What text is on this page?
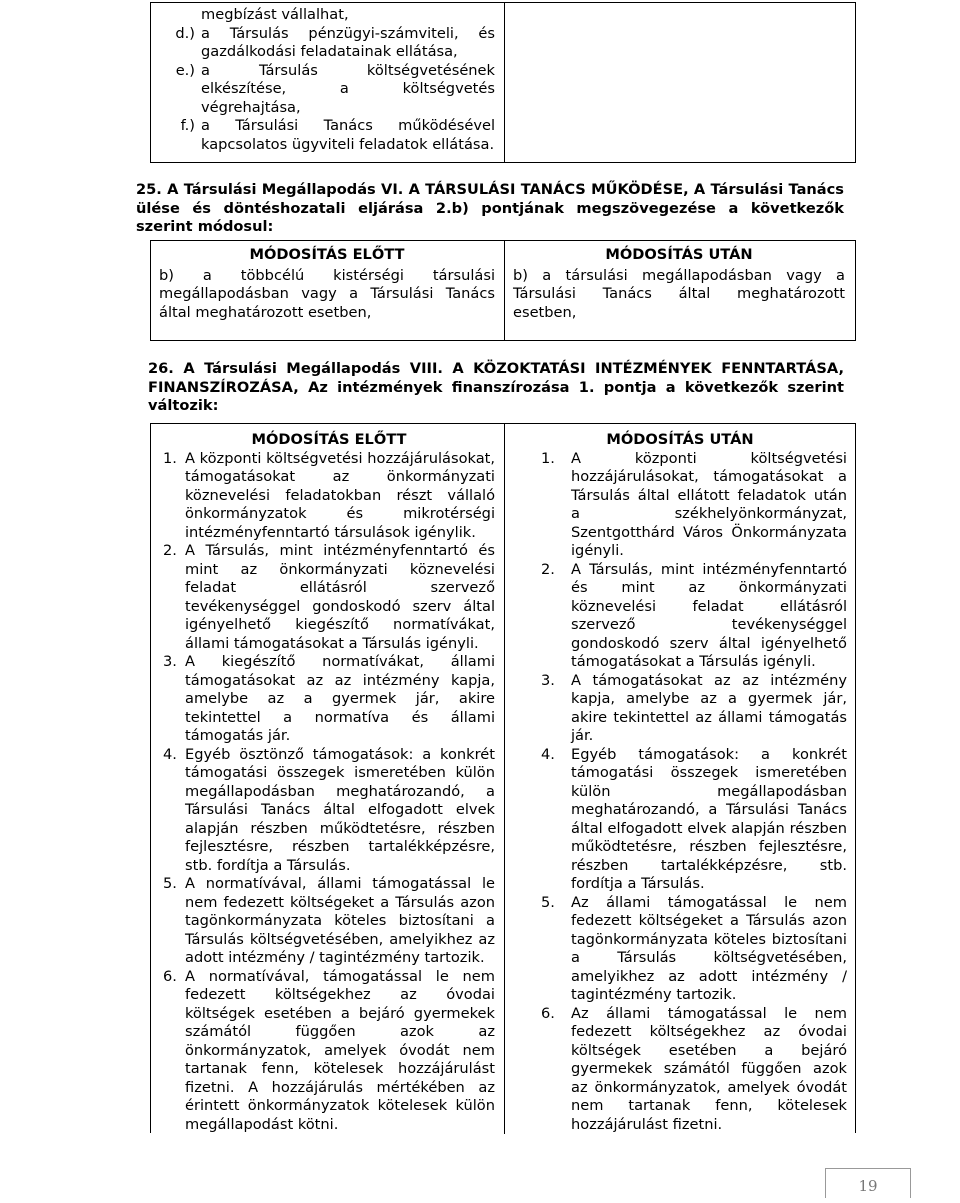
megbízást vállalhat,
d.) a Társulás pénzügyi-számviteli, és gazdálkodási feladatainak ellátása,
e.) a Társulás költségvetésének elkészítése, a költségvetés végrehajtása,
f.) a Társulási Tanács működésével kapcsolatos ügyviteli feladatok ellátása.
25. A Társulási Megállapodás VI. A TÁRSULÁSI TANÁCS MŰKÖDÉSE, A Társulási Tanács ülése és döntéshozatali eljárása 2.b) pontjának megszövegezése a következők szerint módosul:
MÓDOSÍTÁS ELŐTT
b) a többcélú kistérségi társulási megállapodásban vagy a Társulási Tanács által meghatározott esetben,
MÓDOSÍTÁS UTÁN
b) a társulási megállapodásban vagy a Társulási Tanács által meghatározott esetben,
26. A Társulási Megállapodás VIII. A KÖZOKTATÁSI INTÉZMÉNYEK FENNTARTÁSA, FINANSZÍROZÁSA, Az intézmények finanszírozása 1. pontja a következők szerint változik:
MÓDOSÍTÁS ELŐTT
1. A központi költségvetési hozzájárulásokat, támogatásokat az önkormányzati köznevelési feladatokban részt vállaló önkormányzatok és mikrotérségi intézményfenntartó társulások igénylik.
2. A Társulás, mint intézményfenntartó és mint az önkormányzati köznevelési feladat ellátásról szervező tevékenységgel gondoskodó szerv által igényelhető kiegészítő normatívákat, állami támogatásokat a Társulás igényli.
3. A kiegészítő normatívákat, állami támogatásokat az az intézmény kapja, amelybe az a gyermek jár, akire tekintettel a normatíva és állami támogatás jár.
4. Egyéb ösztönző támogatások: a konkrét támogatási összegek ismeretében külön megállapodásban meghatározandó, a Társulási Tanács által elfogadott elvek alapján részben működtetésre, részben fejlesztésre, részben tartalékképzésre, stb. fordítja a Társulás.
5. A normatívával, állami támogatással le nem fedezett költségeket a Társulás azon tagönkormányzata köteles biztosítani a Társulás költségvetésében, amelyikhez az adott intézmény / tagintézmény tartozik.
6. A normatívával, támogatással le nem fedezett költségekhez az óvodai költségek esetében a bejáró gyermekek számától függően azok az önkormányzatok, amelyek óvodát nem tartanak fenn, kötelesek hozzájárulást fizetni. A hozzájárulás mértékében az érintett önkormányzatok kötelesek külön megállapodást kötni.
MÓDOSÍTÁS UTÁN
1.	A központi költségvetési hozzájárulásokat, támogatásokat a Társulás által ellátott feladatok után a székhelyönkormányzat, Szentgotthárd Város Önkormányzata igényli.
2.	A Társulás, mint intézményfenntartó és mint az önkormányzati köznevelési feladat ellátásról szervező tevékenységgel gondoskodó szerv által igényelhető támogatásokat a Társulás igényli.
3.	A támogatásokat az az intézmény kapja, amelybe az a gyermek jár, akire tekintettel az állami támogatás jár.
4.	Egyéb támogatások: a konkrét támogatási összegek ismeretében külön megállapodásban meghatározandó, a Társulási Tanács által elfogadott elvek alapján részben működtetésre, részben fejlesztésre, részben tartalékképzésre, stb. fordítja a Társulás.
5.	Az állami támogatással le nem fedezett költségeket a Társulás azon tagönkormányzata köteles biztosítani a Társulás költségvetésében, amelyikhez az adott intézmény / tagintézmény tartozik.
6.	Az állami támogatással le nem fedezett költségekhez az óvodai költségek esetében a bejáró gyermekek számától függően azok az önkormányzatok, amelyek óvodát nem tartanak fenn, kötelesek hozzájárulást fizetni.
19
